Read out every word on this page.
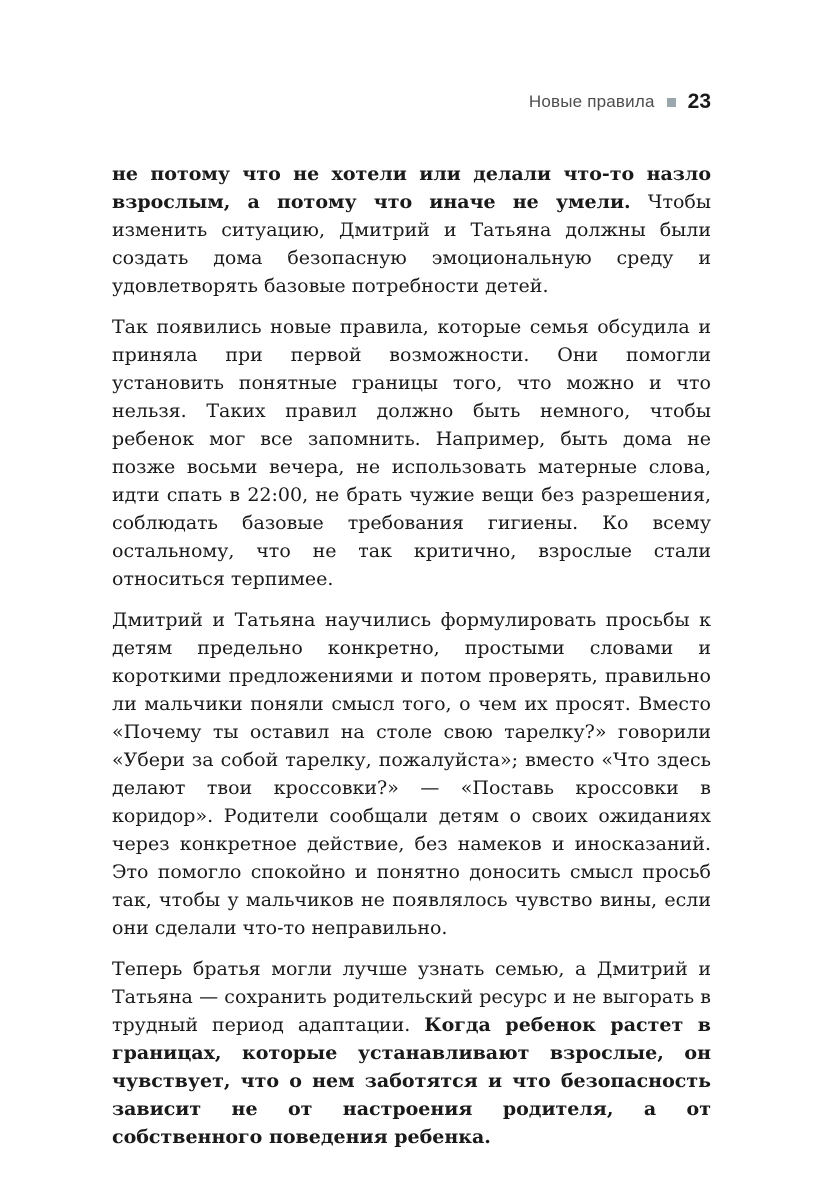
Новые правила 23

не потому что не хотели или делали что-то назло взрослым, а потому что иначе не умели. Чтобы изменить ситуацию, Дмитрий и Татьяна должны были создать дома безопасную эмоциональную среду и удовлетворять базовые потребности детей.

Так появились новые правила, которые семья обсудила и приняла при первой возможности. Они помогли установить понятные границы того, что можно и что нельзя. Таких правил должно быть немного, чтобы ребенок мог все запомнить. Например, быть дома не позже восьми вечера, не использовать матерные слова, идти спать в 22:00, не брать чужие вещи без разрешения, соблюдать базовые требования гигиены. Ко всему остальному, что не так критично, взрослые стали относиться терпимее.

Дмитрий и Татьяна научились формулировать просьбы к детям предельно конкретно, простыми словами и короткими предложениями и потом проверять, правильно ли мальчики поняли смысл того, о чем их просят. Вместо «Почему ты оставил на столе свою тарелку?» говорили «Убери за собой тарелку, пожалуйста»; вместо «Что здесь делают твои кроссовки?» — «Поставь кроссовки в коридор». Родители сообщали детям о своих ожиданиях через конкретное действие, без намеков и иносказаний. Это помогло спокойно и понятно доносить смысл просьб так, чтобы у мальчиков не появлялось чувство вины, если они сделали что-то неправильно.

Теперь братья могли лучше узнать семью, а Дмитрий и Татьяна — сохранить родительский ресурс и не выгорать в трудный период адаптации. Когда ребенок растет в границах, которые устанавливают взрослые, он чувствует, что о нем заботятся и что безопасность зависит не от настроения родителя, а от собственного поведения ребенка.
